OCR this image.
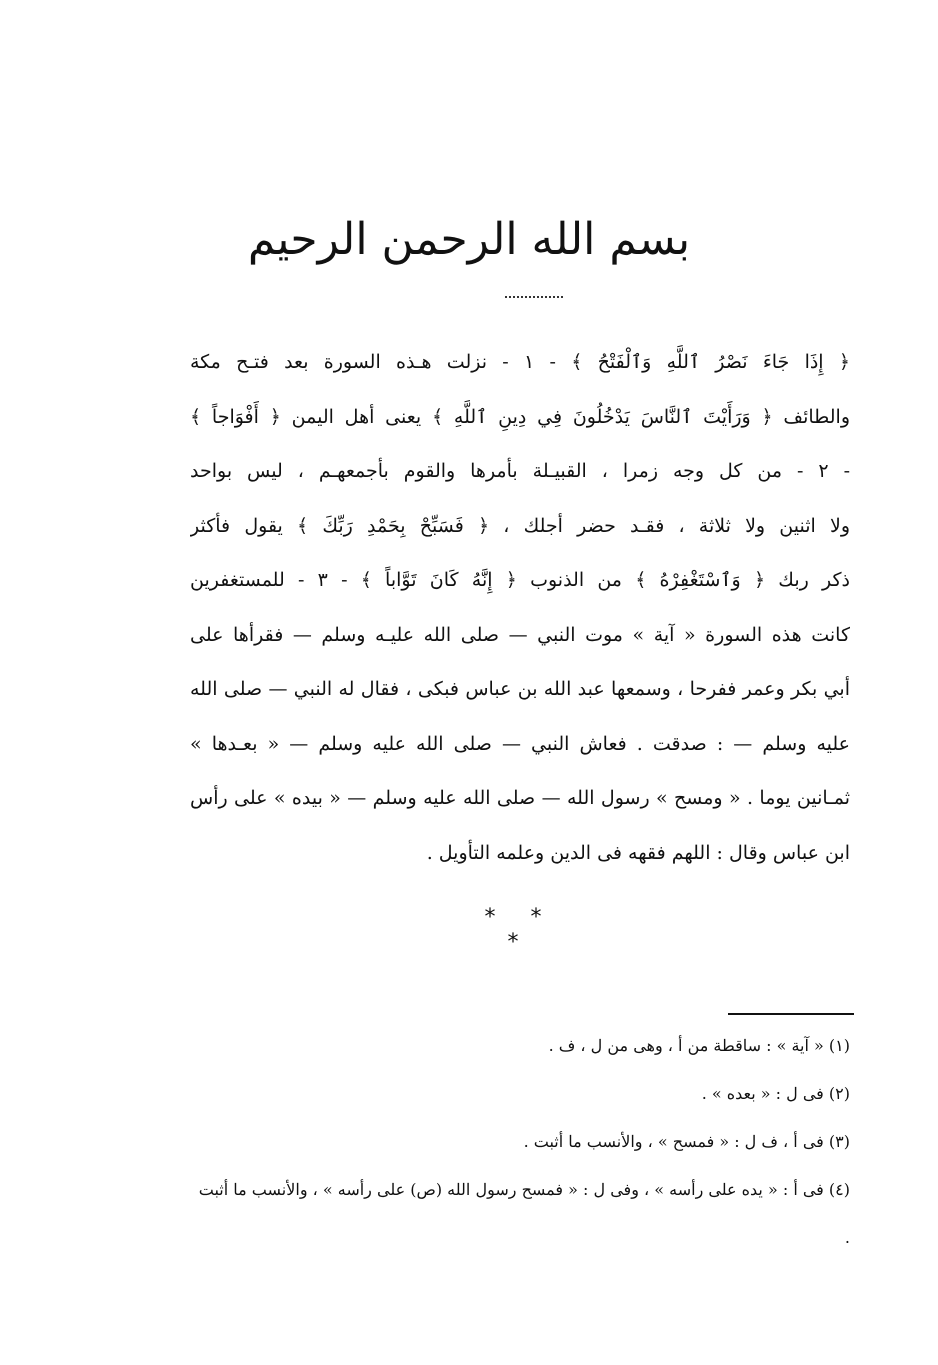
بسم الله الرحمن الرحيم
﴿ إِذَا جَاءَ نَصْرُ ٱللَّهِ وَٱلْفَتْحُ ﴾ - ١ - نزلت هـذه السورة بعد فتـح مكة
والطائف ﴿ وَرَأَيْتَ ٱلنَّاسَ يَدْخُلُونَ فِي دِينِ ٱللَّهِ ﴾ يعنى أهل اليمن ﴿ أَفْوَاجاً ﴾
- ٢ - من كل وجه زمرا ، القبيـلة بأمرها والقوم بأجمعهـم ، ليس بواحد
ولا اثنين ولا ثلاثة ، فقـد حضر أجلك ، ﴿ فَسَبِّحْ بِحَمْدِ رَبِّكَ ﴾ يقول فأكثر
ذكر ربك ﴿ وَٱسْتَغْفِرْهُ ﴾ من الذنوب ﴿ إِنَّهُ كَانَ تَوَّاباً ﴾ - ٣ - للمستغفرين
كانت هذه السورة « آية » موت النبي — صلى الله عليـه وسلم — فقرأها على
أبي بكر وعمر ففرحا ، وسمعها عبد الله بن عباس فبكى ، فقال له النبي — صلى الله
عليه وسلم — : صدقت . فعاش النبي — صلى الله عليه وسلم — « بعـدها »
ثمـانين يوما . « ومسح » رسول الله — صلى الله عليه وسلم — « بيده » على رأس
ابن عباس وقال : اللهم فقهه فى الدين وعلمه التأويل .
* * *
(١) « آية » : ساقطة من أ ، وهى من ل ، ف .
(٢) فى ل : « بعده » .
(٣) فى أ ، ف ل : « فمسح » ، والأنسب ما أثبت .
(٤) فى أ : « يده على رأسه » ، وفى ل : « فمسح رسول الله (ص) على رأسه » ، والأنسب ما أثبت .
